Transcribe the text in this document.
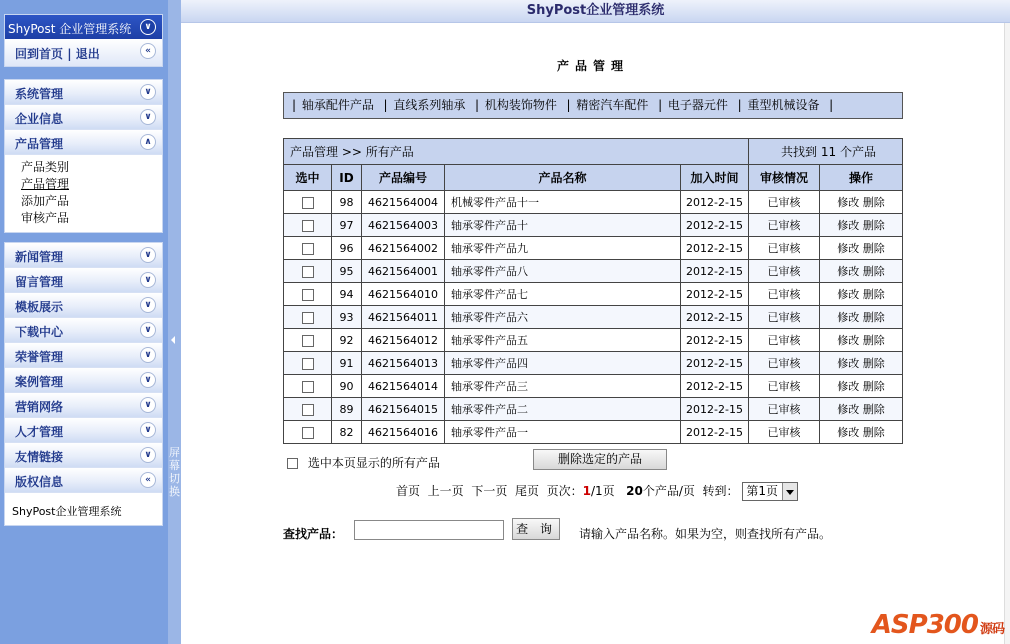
ShyPost 企业管理系统	∨
回到首页 | 退出	«
系统管理	∨
企业信息	∨
产品管理	∧
产品类别
产品管理
添加产品
审核产品
新闻管理	∨
留言管理	∨
模板展示	∨
下载中心	∨
荣誉管理	∨
案例管理	∨
营销网络	∨
人才管理	∨
友情链接	∨
版权信息	«
ShyPost企业管理系统
屏幕切换
ShyPost企业管理系统
产品管理
| 轴承配件产品  | 直线系列轴承  | 机构装饰物件  | 精密汽车配件  | 电子器元件  | 重型机械设备  |
产品管理 >> 所有产品					共找到 11 个产品	
选中	ID	产品编号	产品名称	加入时间	审核情况	操作
	98	4621564004	机械零件产品十一	2012-2-15	已审核	修改 删除
	97	4621564003	轴承零件产品十	2012-2-15	已审核	修改 删除
	96	4621564002	轴承零件产品九	2012-2-15	已审核	修改 删除
	95	4621564001	轴承零件产品八	2012-2-15	已审核	修改 删除
	94	4621564010	轴承零件产品七	2012-2-15	已审核	修改 删除
	93	4621564011	轴承零件产品六	2012-2-15	已审核	修改 删除
	92	4621564012	轴承零件产品五	2012-2-15	已审核	修改 删除
	91	4621564013	轴承零件产品四	2012-2-15	已审核	修改 删除
	90	4621564014	轴承零件产品三	2012-2-15	已审核	修改 删除
	89	4621564015	轴承零件产品二	2012-2-15	已审核	修改 删除
	82	4621564016	轴承零件产品一	2012-2-15	已审核	修改 删除
选中本页显示的所有产品	删除选定的产品
首页 上一页 下一页 尾页 页次：1/1页 20个产品/页 转到： 第1页
查找产品：	查 询	请输入产品名称。如果为空，则查找所有产品。
ASP300 源码
